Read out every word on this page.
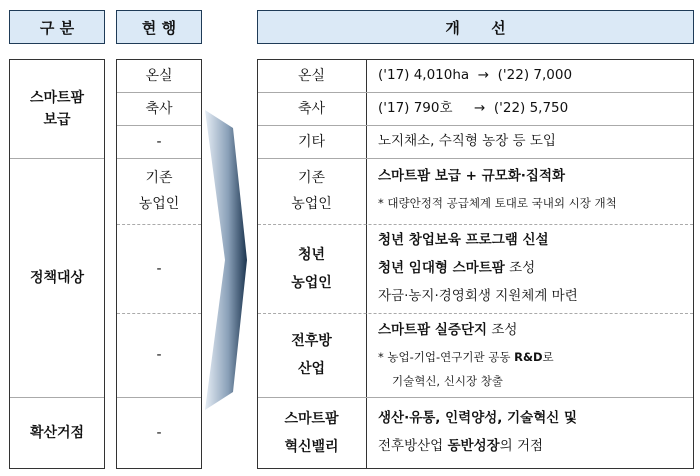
구 분	현 행	개      선
스마트팜
보급
정책대상
확산거점
온실
축사
-
기존
농업인
-
-
-
온실
축사
기타
기존
농업인
청년
농업인
전후방
산업
스마트팜
혁신밸리
('17) 4,010ha  →  ('22) 7,000
('17) 790호     →  ('22) 5,750
노지채소, 수직형 농장 등 도입
스마트팜 보급 + 규모화·집적화
* 대량안정적 공급체계 토대로 국내외 시장 개척
청년 창업보육 프로그램 신설
청년 임대형 스마트팜 조성
자금·농지·경영회생 지원체계 마련
스마트팜 실증단지 조성
* 농업-기업-연구기관 공동 R&D로
기술혁신, 신시장 창출
생산·유통, 인력양성, 기술혁신 및
전후방산업 동반성장의 거점
